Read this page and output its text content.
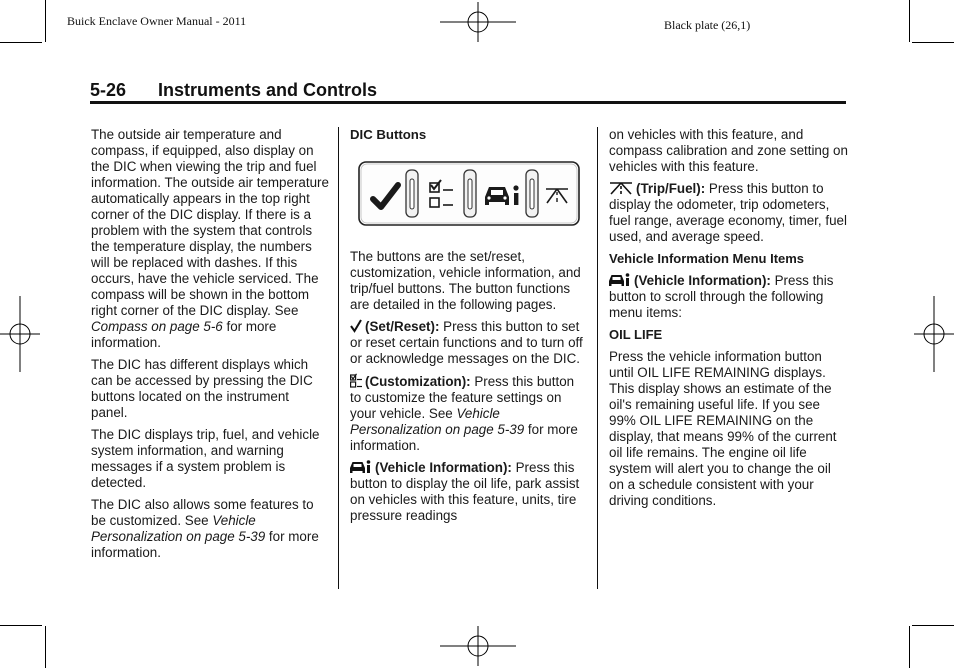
Buick Enclave Owner Manual - 2011	Black plate (26,1)
5-26 Instruments and Controls

The outside air temperature and compass, if equipped, also display on the DIC when viewing the trip and fuel information. The outside air temperature automatically appears in the top right corner of the DIC display. If there is a problem with the system that controls the temperature display, the numbers will be replaced with dashes. If this occurs, have the vehicle serviced. The compass will be shown in the bottom right corner of the DIC display. See Compass on page 5-6 for more information.

The DIC has different displays which can be accessed by pressing the DIC buttons located on the instrument panel.

The DIC displays trip, fuel, and vehicle system information, and warning messages if a system problem is detected.

The DIC also allows some features to be customized. See Vehicle Personalization on page 5-39 for more information.

DIC Buttons

The buttons are the set/reset, customization, vehicle information, and trip/fuel buttons. The button functions are detailed in the following pages.

(Set/Reset): Press this button to set or reset certain functions and to turn off or acknowledge messages on the DIC.

(Customization): Press this button to customize the feature settings on your vehicle. See Vehicle Personalization on page 5-39 for more information.

(Vehicle Information): Press this button to display the oil life, park assist on vehicles with this feature, units, tire pressure readings

on vehicles with this feature, and compass calibration and zone setting on vehicles with this feature.

(Trip/Fuel): Press this button to display the odometer, trip odometers, fuel range, average economy, timer, fuel used, and average speed.

Vehicle Information Menu Items

(Vehicle Information): Press this button to scroll through the following menu items:

OIL LIFE

Press the vehicle information button until OIL LIFE REMAINING displays. This display shows an estimate of the oil's remaining useful life. If you see 99% OIL LIFE REMAINING on the display, that means 99% of the current oil life remains. The engine oil life system will alert you to change the oil on a schedule consistent with your driving conditions.
